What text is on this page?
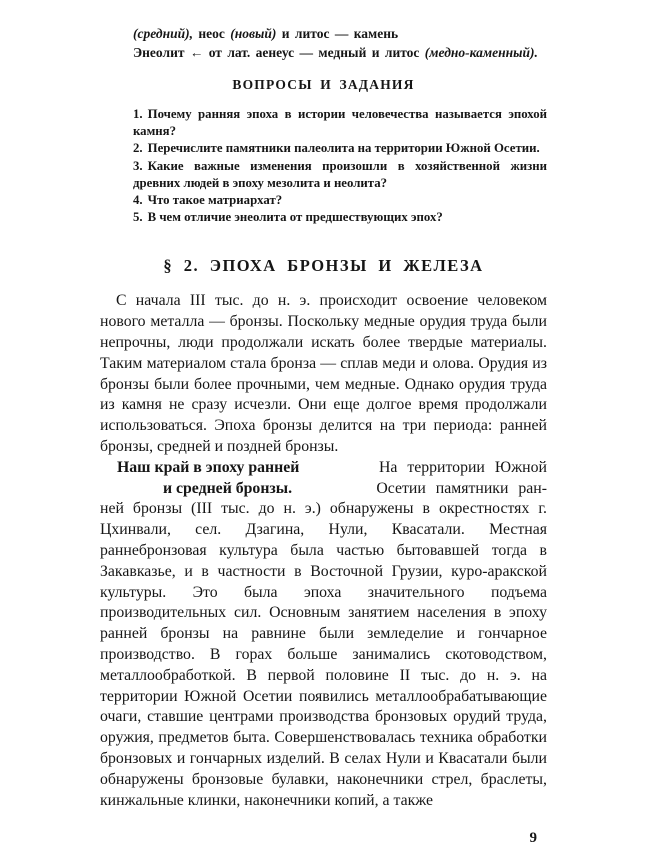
(средний), неос (новый) и литос — камень
Энеолит ← от лат. аенеус — медный и литос (медно-каменный).
ВОПРОСЫ И ЗАДАНИЯ

1. Почему ранняя эпоха в истории человечества называется эпохой камня?

2. Перечислите памятники палеолита на территории Южной Осетии.

3. Какие важные изменения произошли в хозяйственной жизни древних людей в эпоху мезолита и неолита?

4. Что такое матриархат?

5. В чем отличие энеолита от предшествующих эпох?

§ 2. ЭПОХА БРОНЗЫ И ЖЕЛЕЗА

С начала III тыс. до н. э. происходит освоение человеком нового металла — бронзы. Поскольку медные орудия труда были непрочны, люди продолжали искать более твердые материалы. Таким материалом стала бронза — сплав меди и олова. Орудия из бронзы были более прочными, чем медные. Однако орудия труда из камня не сразу исчезли. Они еще долгое время продолжали использоваться. Эпоха бронзы делится на три периода: ранней бронзы, средней и поздней бронзы.

Наш край в эпоху ранней	На территории Южной
и средней бронзы.	Осетии памятники ран-

ней бронзы (III тыс. до н. э.) обнаружены в окрестностях г. Цхинвали, сел. Дзагина, Нули, Квасатали. Местная раннебронзовая культура была частью бытовавшей тогда в Закавказье, и в частности в Восточной Грузии, куро-аракской культуры. Это была эпоха значительного подъема производительных сил. Основным занятием населения в эпоху ранней бронзы на равнине были земледелие и гончарное производство. В горах больше занимались скотоводством, металлообработкой. В первой половине II тыс. до н. э. на территории Южной Осетии появились металлообрабатывающие очаги, ставшие центрами производства бронзовых орудий труда, оружия, предметов быта. Совершенствовалась техника обработки бронзовых и гончарных изделий. В селах Нули и Квасатали были обнаружены бронзовые булавки, наконечники стрел, браслеты, кинжальные клинки, наконечники копий, а также

9
